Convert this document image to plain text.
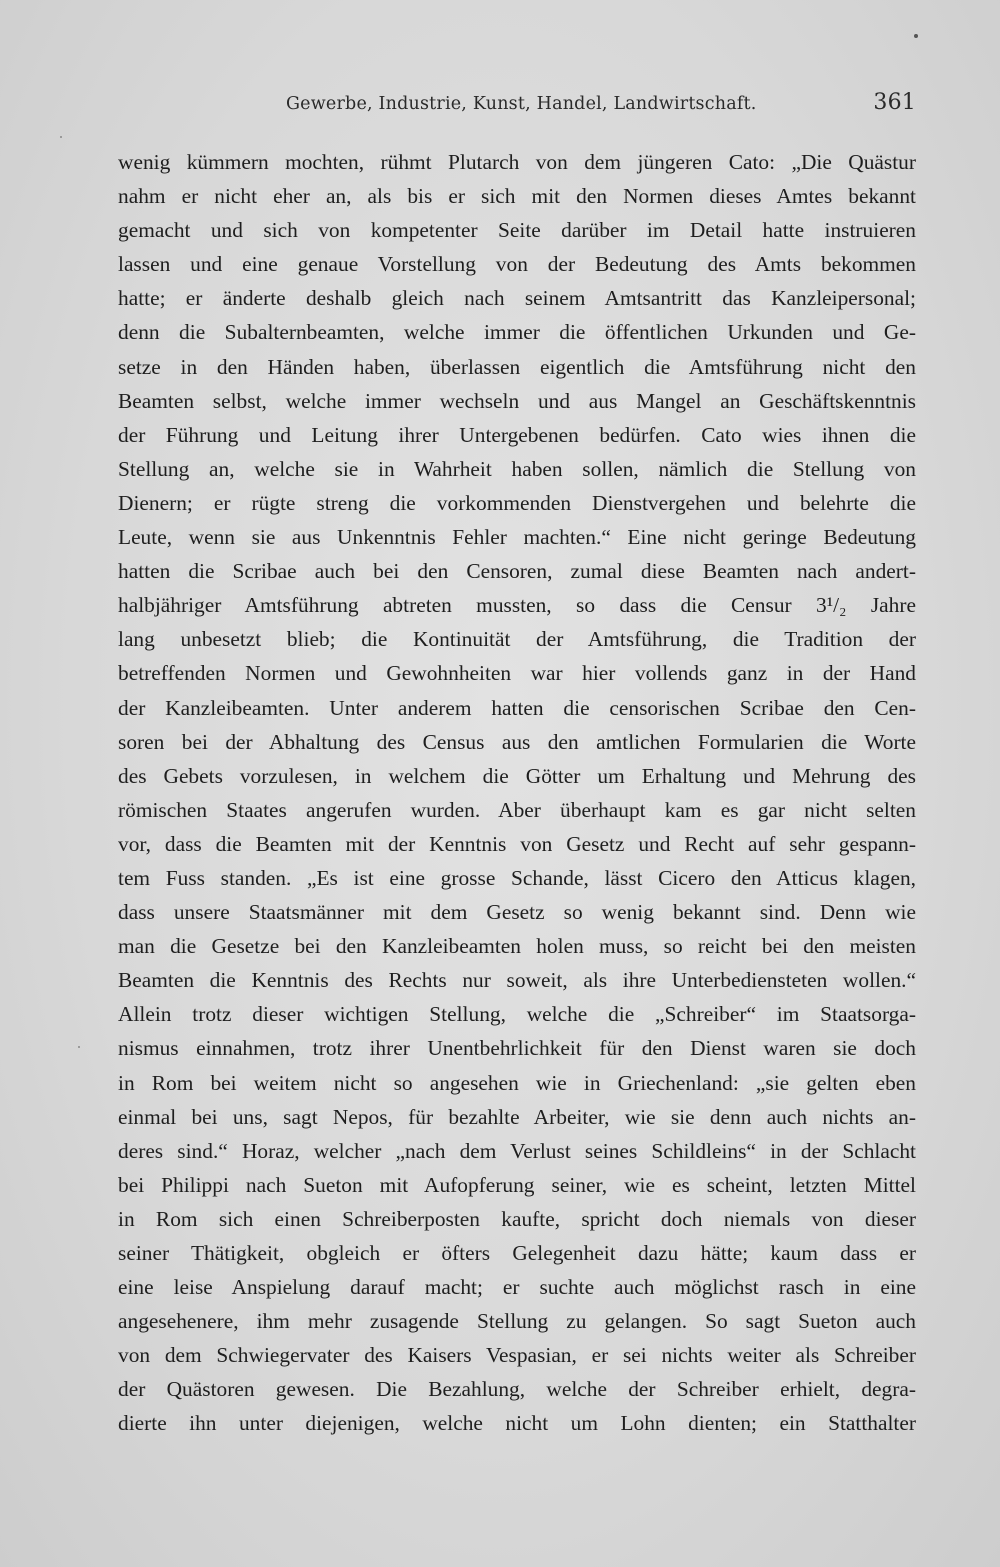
Gewerbe, Industrie, Kunst, Handel, Landwirtschaft.	361
wenig kümmern mochten, rühmt Plutarch von dem jüngeren Cato: „Die Quästur
nahm er nicht eher an, als bis er sich mit den Normen dieses Amtes bekannt
gemacht und sich von kompetenter Seite darüber im Detail hatte instruieren
lassen und eine genaue Vorstellung von der Bedeutung des Amts bekommen
hatte; er änderte deshalb gleich nach seinem Amtsantritt das Kanzleipersonal;
denn die Subalternbeamten, welche immer die öffentlichen Urkunden und Ge-
setze in den Händen haben, überlassen eigentlich die Amtsführung nicht den
Beamten selbst, welche immer wechseln und aus Mangel an Geschäftskenntnis
der Führung und Leitung ihrer Untergebenen bedürfen. Cato wies ihnen die
Stellung an, welche sie in Wahrheit haben sollen, nämlich die Stellung von
Dienern; er rügte streng die vorkommenden Dienstvergehen und belehrte die
Leute, wenn sie aus Unkenntnis Fehler machten.“ Eine nicht geringe Bedeutung
hatten die Scribae auch bei den Censoren, zumal diese Beamten nach andert-
halbjähriger Amtsführung abtreten mussten, so dass die Censur 3¹/₂ Jahre
lang unbesetzt blieb; die Kontinuität der Amtsführung, die Tradition der
betreffenden Normen und Gewohnheiten war hier vollends ganz in der Hand
der Kanzleibeamten. Unter anderem hatten die censorischen Scribae den Cen-
soren bei der Abhaltung des Census aus den amtlichen Formularien die Worte
des Gebets vorzulesen, in welchem die Götter um Erhaltung und Mehrung des
römischen Staates angerufen wurden. Aber überhaupt kam es gar nicht selten
vor, dass die Beamten mit der Kenntnis von Gesetz und Recht auf sehr gespann-
tem Fuss standen. „Es ist eine grosse Schande, lässt Cicero den Atticus klagen,
dass unsere Staatsmänner mit dem Gesetz so wenig bekannt sind. Denn wie
man die Gesetze bei den Kanzleibeamten holen muss, so reicht bei den meisten
Beamten die Kenntnis des Rechts nur soweit, als ihre Unterbediensteten wollen.“
Allein trotz dieser wichtigen Stellung, welche die „Schreiber“ im Staatsorga-
nismus einnahmen, trotz ihrer Unentbehrlichkeit für den Dienst waren sie doch
in Rom bei weitem nicht so angesehen wie in Griechenland: „sie gelten eben
einmal bei uns, sagt Nepos, für bezahlte Arbeiter, wie sie denn auch nichts an-
deres sind.“ Horaz, welcher „nach dem Verlust seines Schildleins“ in der Schlacht
bei Philippi nach Sueton mit Aufopferung seiner, wie es scheint, letzten Mittel
in Rom sich einen Schreiberposten kaufte, spricht doch niemals von dieser
seiner Thätigkeit, obgleich er öfters Gelegenheit dazu hätte; kaum dass er
eine leise Anspielung darauf macht; er suchte auch möglichst rasch in eine
angesehenere, ihm mehr zusagende Stellung zu gelangen. So sagt Sueton auch
von dem Schwiegervater des Kaisers Vespasian, er sei nichts weiter als Schreiber
der Quästoren gewesen. Die Bezahlung, welche der Schreiber erhielt, degra-
dierte ihn unter diejenigen, welche nicht um Lohn dienten; ein Statthalter
